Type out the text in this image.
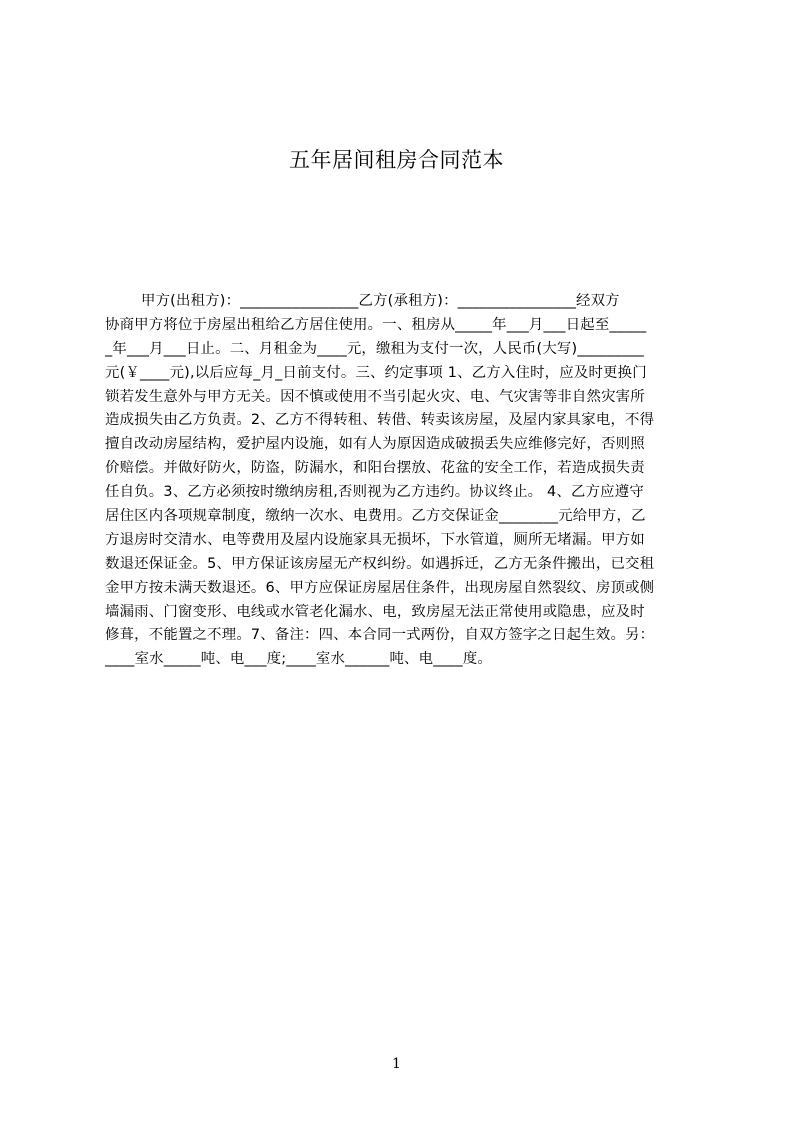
五年居间租房合同范本
甲方(出租方)：________________乙方(承租方)：________________经双方
协商甲方将位于房屋出租给乙方居住使用。一、租房从_____年___月___日起至_____
_年___月___日止。二、月租金为____元，缴租为支付一次，人民币(大写)_________
元(￥____元),以后应每_月_日前支付。三、约定事项 1、乙方入住时，应及时更换门
锁若发生意外与甲方无关。因不慎或使用不当引起火灾、电、气灾害等非自然灾害所
造成损失由乙方负责。2、乙方不得转租、转借、转卖该房屋，及屋内家具家电，不得
擅自改动房屋结构，爱护屋内设施，如有人为原因造成破损丢失应维修完好，否则照
价赔偿。并做好防火，防盗，防漏水，和阳台摆放、花盆的安全工作，若造成损失责
任自负。3、乙方必须按时缴纳房租,否则视为乙方违约。协议终止。 4、乙方应遵守
居住区内各项规章制度，缴纳一次水、电费用。乙方交保证金________元给甲方，乙
方退房时交清水、电等费用及屋内设施家具无损坏，下水管道，厕所无堵漏。甲方如
数退还保证金。5、甲方保证该房屋无产权纠纷。如遇拆迁，乙方无条件搬出，已交租
金甲方按未满天数退还。6、甲方应保证房屋居住条件，出现房屋自然裂纹、房顶或侧
墙漏雨、门窗变形、电线或水管老化漏水、电，致房屋无法正常使用或隐患，应及时
修葺，不能置之不理。7、备注：四、本合同一式两份，自双方签字之日起生效。另：
____室水_____吨、电___度;____室水______吨、电____度。
1
